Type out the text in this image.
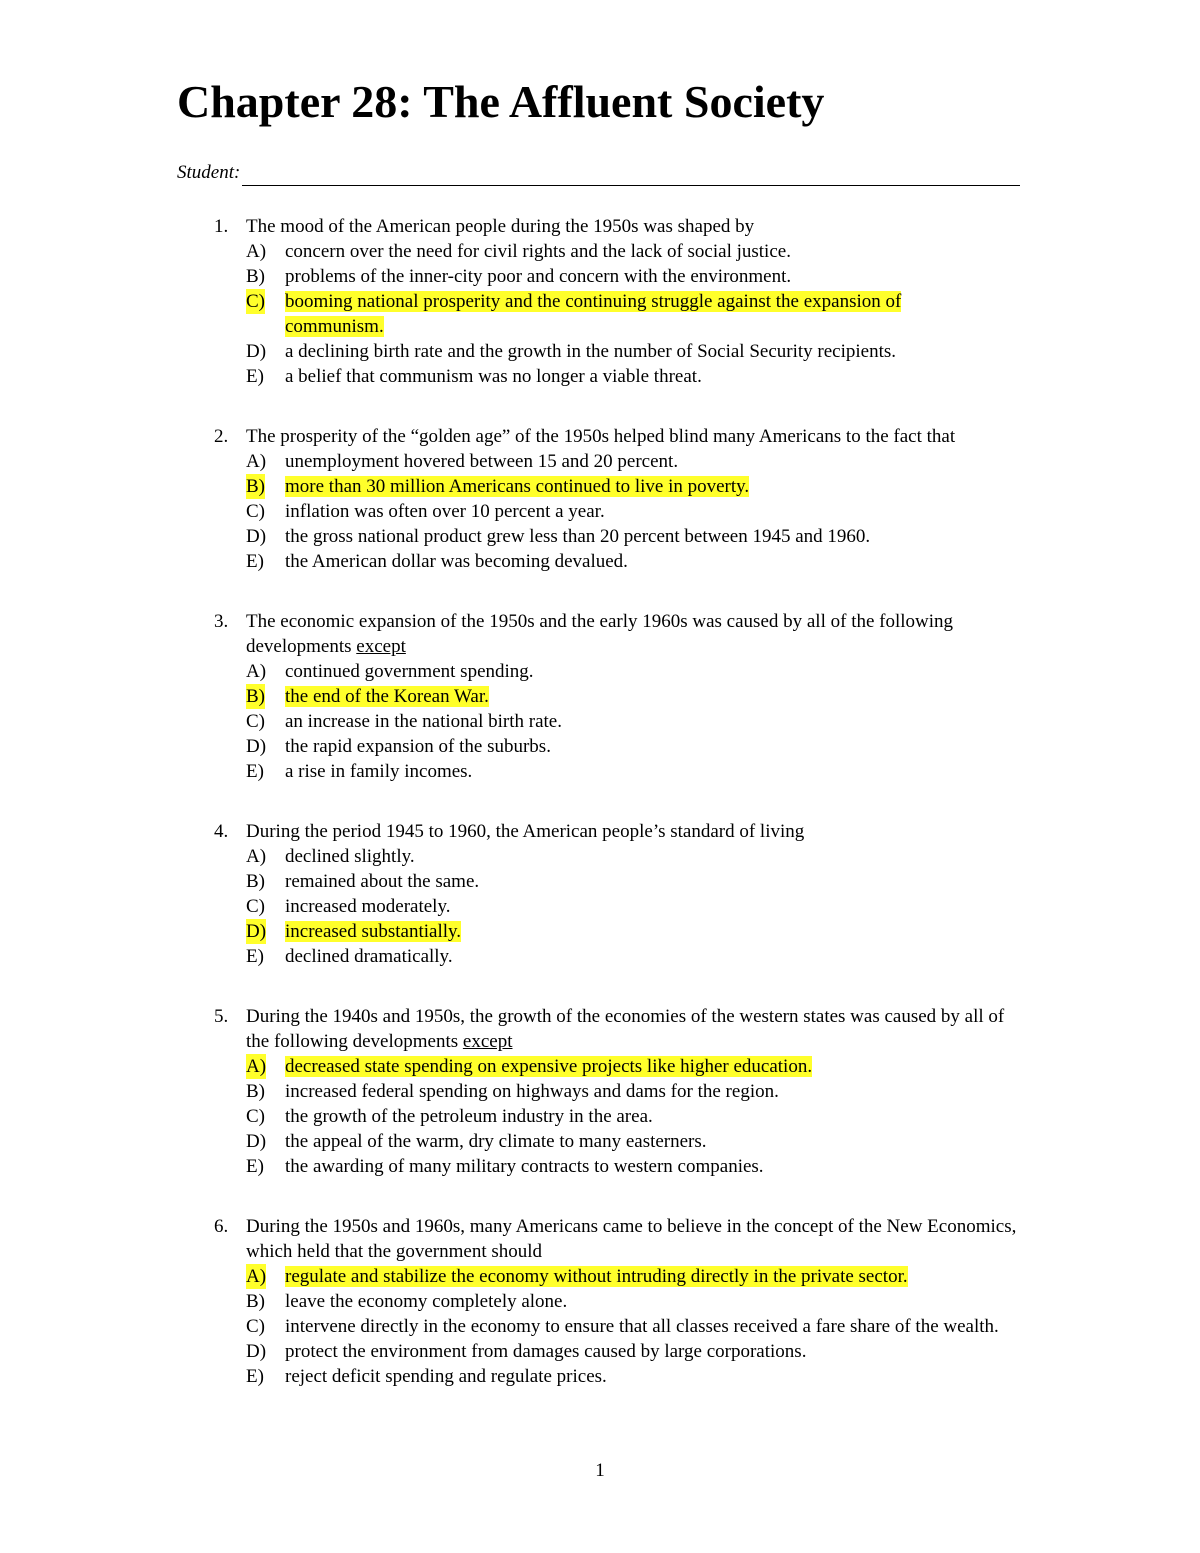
Chapter 28: The Affluent Society
Student:
1. The mood of the American people during the 1950s was shaped by
A) concern over the need for civil rights and the lack of social justice.
B) problems of the inner-city poor and concern with the environment.
C) booming national prosperity and the continuing struggle against the expansion of communism.
D) a declining birth rate and the growth in the number of Social Security recipients.
E) a belief that communism was no longer a viable threat.
2. The prosperity of the “golden age” of the 1950s helped blind many Americans to the fact that
A) unemployment hovered between 15 and 20 percent.
B) more than 30 million Americans continued to live in poverty.
C) inflation was often over 10 percent a year.
D) the gross national product grew less than 20 percent between 1945 and 1960.
E) the American dollar was becoming devalued.
3. The economic expansion of the 1950s and the early 1960s was caused by all of the following developments except
A) continued government spending.
B) the end of the Korean War.
C) an increase in the national birth rate.
D) the rapid expansion of the suburbs.
E) a rise in family incomes.
4. During the period 1945 to 1960, the American people’s standard of living
A) declined slightly.
B) remained about the same.
C) increased moderately.
D) increased substantially.
E) declined dramatically.
5. During the 1940s and 1950s, the growth of the economies of the western states was caused by all of the following developments except
A) decreased state spending on expensive projects like higher education.
B) increased federal spending on highways and dams for the region.
C) the growth of the petroleum industry in the area.
D) the appeal of the warm, dry climate to many easterners.
E) the awarding of many military contracts to western companies.
6. During the 1950s and 1960s, many Americans came to believe in the concept of the New Economics, which held that the government should
A) regulate and stabilize the economy without intruding directly in the private sector.
B) leave the economy completely alone.
C) intervene directly in the economy to ensure that all classes received a fare share of the wealth.
D) protect the environment from damages caused by large corporations.
E) reject deficit spending and regulate prices.
1
